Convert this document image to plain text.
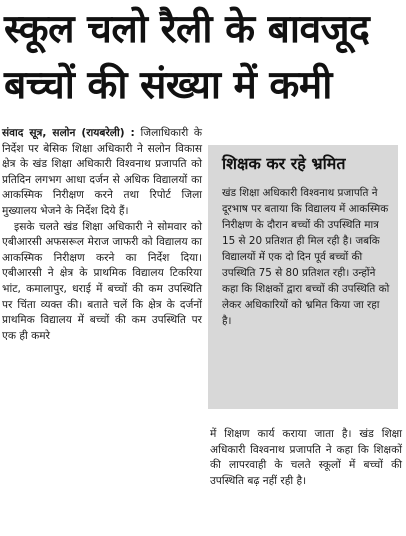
स्कूल चलो रैली के बावजूद
बच्चों की संख्या में कमी

संवाद सूत्र, सलोन (रायबरेली) : जिलाधिकारी के निर्देश पर बेसिक शिक्षा अधिकारी ने सलोन विकास क्षेत्र के खंड शिक्षा अधिकारी विश्वनाथ प्रजापति को प्रतिदिन लगभग आधा दर्जन से अधिक विद्यालयों का आकस्मिक निरीक्षण करने तथा रिपोर्ट जिला मुख्यालय भेजने के निर्देश दिये हैं।

इसके चलते खंड शिक्षा अधिकारी ने सोमवार को एबीआरसी अफसरूल मेराज जाफरी को विद्यालय का आकस्मिक निरीक्षण करने का निर्देश दिया। एबीआरसी ने क्षेत्र के प्राथमिक विद्यालय टिकरिया भांट, कमालापुर, धराई में बच्चों की कम उपस्थिति पर चिंता व्यक्त की। बताते चलें कि क्षेत्र के दर्जनों प्राथमिक विद्यालय में बच्चों की कम उपस्थिति पर एक ही कमरे

शिक्षक कर रहे भ्रमित
खंड शिक्षा अधिकारी विश्वनाथ प्रजापति ने दूरभाष पर बताया कि विद्यालय में आकस्मिक निरीक्षण के दौरान बच्चों की उपस्थिति मात्र 15 से 20 प्रतिशत ही मिल रही है। जबकि विद्यालयों में एक दो दिन पूर्व बच्चों की उपस्थिति 75 से 80 प्रतिशत रही। उन्होंने कहा कि शिक्षकों द्वारा बच्चों की उपस्थिति को लेकर अधिकारियों को भ्रमित किया जा रहा है।

में शिक्षण कार्य कराया जाता है। खंड शिक्षा अधिकारी विश्वनाथ प्रजापति ने कहा कि शिक्षकों की लापरवाही के चलते स्कूलों में बच्चों की उपस्थिति बढ़ नहीं रही है।
